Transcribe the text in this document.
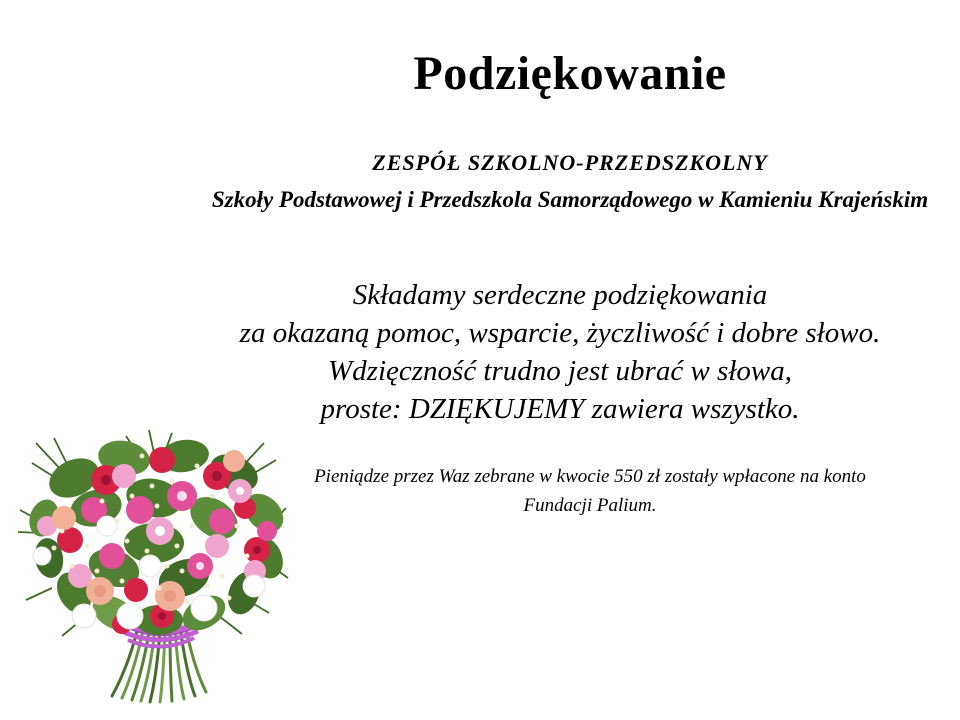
Podziękowanie
ZESPÓŁ SZKOLNO-PRZEDSZKOLNY
Szkoły Podstawowej i Przedszkola Samorządowego w Kamieniu Krajeńskim
Składamy serdeczne podziękowania
za okazaną pomoc, wsparcie, życzliwość i dobre słowo.
Wdzięczność trudno jest ubrać w słowa,
proste: DZIĘKUJEMY zawiera wszystko.
Pieniądze przez Waz zebrane w kwocie 550 zł zostały wpłacone na konto
Fundacji Palium.
